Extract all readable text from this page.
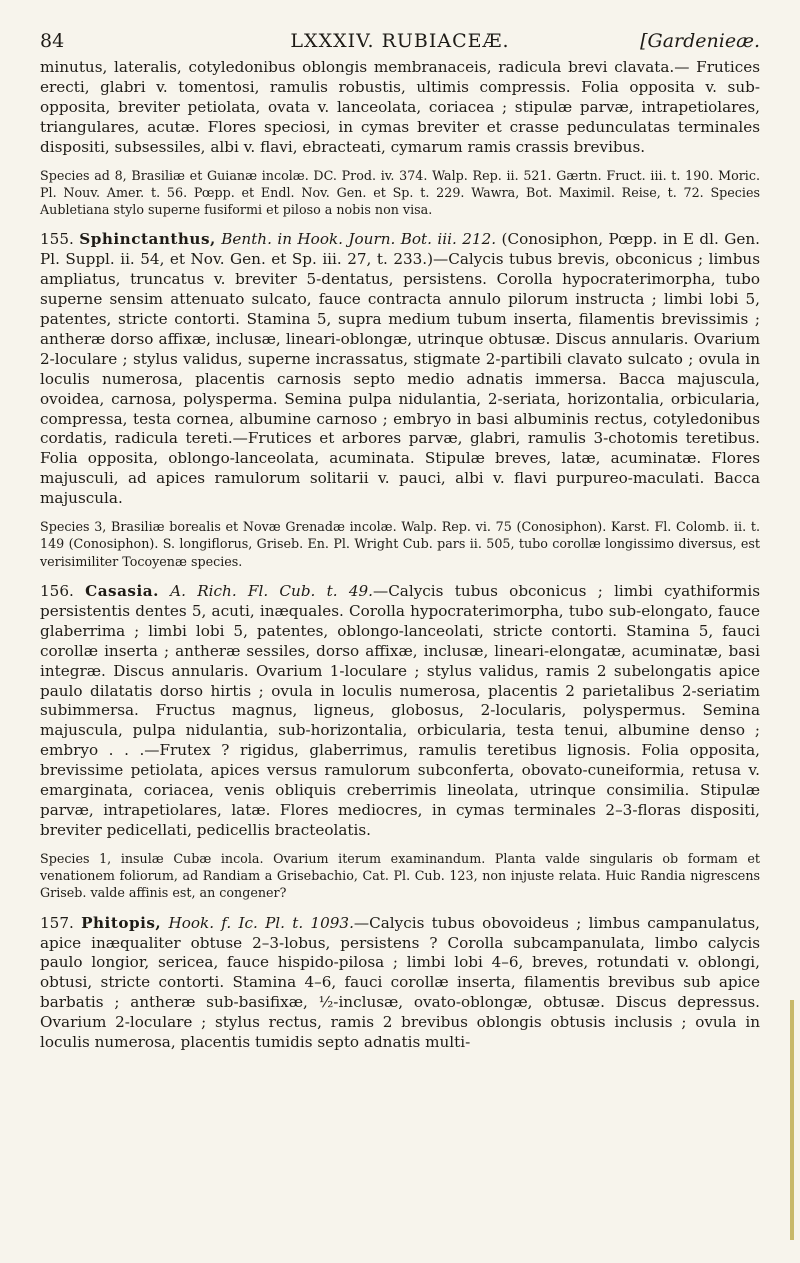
84	LXXXIV. RUBIACEÆ.	[Gardenieæ.

minutus, lateralis, cotyledonibus oblongis membranaceis, radicula brevi clavata.— Frutices erecti, glabri v. tomentosi, ramulis robustis, ultimis compressis. Folia opposita v. sub-opposita, breviter petiolata, ovata v. lanceolata, coriacea ; stipulæ parvæ, intrapetiolares, triangulares, acutæ. Flores speciosi, in cymas breviter et crasse pedunculatas terminales dispositi, subsessiles, albi v. flavi, ebracteati, cymarum ramis crassis brevibus.

Species ad 8, Brasiliæ et Guianæ incolæ. DC. Prod. iv. 374. Walp. Rep. ii. 521. Gærtn. Fruct. iii. t. 190. Moric. Pl. Nouv. Amer. t. 56. Pœpp. et Endl. Nov. Gen. et Sp. t. 229. Wawra, Bot. Maximil. Reise, t. 72. Species Aubletiana stylo superne fusiformi et piloso a nobis non visa.

155. Sphinctanthus, Benth. in Hook. Journ. Bot. iii. 212. (Conosiphon, Pœpp. in E dl. Gen. Pl. Suppl. ii. 54, et Nov. Gen. et Sp. iii. 27, t. 233.)—Calycis tubus brevis, obconicus ; limbus ampliatus, truncatus v. breviter 5-dentatus, persistens. Corolla hypocraterimorpha, tubo superne sensim attenuato sulcato, fauce contracta annulo pilorum instructa ; limbi lobi 5, patentes, stricte contorti. Stamina 5, supra medium tubum inserta, filamentis brevissimis ; antheræ dorso affixæ, inclusæ, lineari-oblongæ, utrinque obtusæ. Discus annularis. Ovarium 2-loculare ; stylus validus, superne incrassatus, stigmate 2-partibili clavato sulcato ; ovula in loculis numerosa, placentis carnosis septo medio adnatis immersa. Bacca majuscula, ovoidea, carnosa, polysperma. Semina pulpa nidulantia, 2-seriata, horizontalia, orbicularia, compressa, testa cornea, albumine carnoso ; embryo in basi albuminis rectus, cotyledonibus cordatis, radicula tereti.—Frutices et arbores parvæ, glabri, ramulis 3-chotomis teretibus. Folia opposita, oblongo-lanceolata, acuminata. Stipulæ breves, latæ, acuminatæ. Flores majusculi, ad apices ramulorum solitarii v. pauci, albi v. flavi purpureo-maculati. Bacca majuscula.

Species 3, Brasiliæ borealis et Novæ Grenadæ incolæ. Walp. Rep. vi. 75 (Conosiphon). Karst. Fl. Colomb. ii. t. 149 (Conosiphon). S. longiflorus, Griseb. En. Pl. Wright Cub. pars ii. 505, tubo corollæ longissimo diversus, est verisimiliter Tocoyenæ species.

156. Casasia. A. Rich. Fl. Cub. t. 49.—Calycis tubus obconicus ; limbi cyathiformis persistentis dentes 5, acuti, inæquales. Corolla hypocraterimorpha, tubo sub-elongato, fauce glaberrima ; limbi lobi 5, patentes, oblongo-lanceolati, stricte contorti. Stamina 5, fauci corollæ inserta ; antheræ sessiles, dorso affixæ, inclusæ, lineari-elongatæ, acuminatæ, basi integræ. Discus annularis. Ovarium 1-loculare ; stylus validus, ramis 2 subelongatis apice paulo dilatatis dorso hirtis ; ovula in loculis numerosa, placentis 2 parietalibus 2-seriatim subimmersa. Fructus magnus, ligneus, globosus, 2-locularis, polyspermus. Semina majuscula, pulpa nidulantia, sub-horizontalia, orbicularia, testa tenui, albumine denso ; embryo . . .—Frutex ? rigidus, glaberrimus, ramulis teretibus lignosis. Folia opposita, brevissime petiolata, apices versus ramulorum subconferta, obovato-cuneiformia, retusa v. emarginata, coriacea, venis obliquis creberrimis lineolata, utrinque consimilia. Stipulæ parvæ, intrapetiolares, latæ. Flores mediocres, in cymas terminales 2–3-floras dispositi, breviter pedicellati, pedicellis bracteolatis.

Species 1, insulæ Cubæ incola. Ovarium iterum examinandum. Planta valde singularis ob formam et venationem foliorum, ad Randiam a Grisebachio, Cat. Pl. Cub. 123, non injuste relata. Huic Randia nigrescens Griseb. valde affinis est, an congener?

157. Phitopis, Hook. f. Ic. Pl. t. 1093.—Calycis tubus obovoideus ; limbus campanulatus, apice inæqualiter obtuse 2–3-lobus, persistens ? Corolla subcampanulata, limbo calycis paulo longior, sericea, fauce hispido-pilosa ; limbi lobi 4–6, breves, rotundati v. oblongi, obtusi, stricte contorti. Stamina 4–6, fauci corollæ inserta, filamentis brevibus sub apice barbatis ; antheræ sub-basifixæ, ½-inclusæ, ovato-oblongæ, obtusæ. Discus depressus. Ovarium 2-loculare ; stylus rectus, ramis 2 brevibus oblongis obtusis inclusis ; ovula in loculis numerosa, placentis tumidis septo adnatis multi-
